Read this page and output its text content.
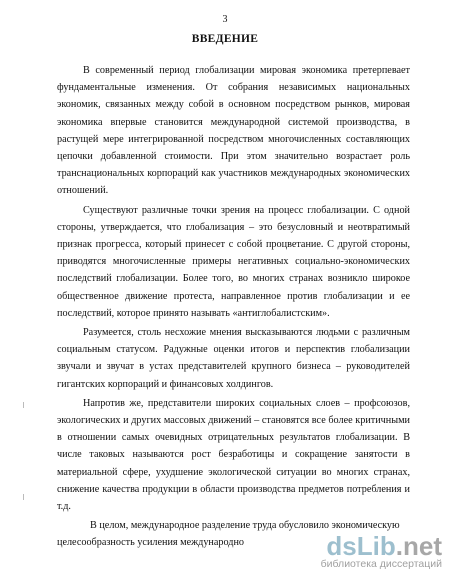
3
ВВЕДЕНИЕ

В современный период глобализации мировая экономика претерпевает фундаментальные изменения. От собрания независимых национальных экономик, связанных между собой в основном посредством рынков, мировая экономика впервые становится международной системой производства, в растущей мере интегрированной посредством многочисленных составляющих цепочки добавленной стоимости. При этом значительно возрастает роль транснациональных корпораций как участников международных экономических отношений.

Существуют различные точки зрения на процесс глобализации. С одной стороны, утверждается, что глобализация – это безусловный и неотвратимый признак прогресса, который принесет с собой процветание. С другой стороны, приводятся многочисленные примеры негативных социально-экономических последствий глобализации. Более того, во многих странах возникло широкое общественное движение протеста, направленное против глобализации и ее последствий, которое принято называть «антиглобалистским».

Разумеется, столь несхожие мнения высказываются людьми с различным социальным статусом. Радужные оценки итогов и перспектив глобализации звучали и звучат в устах представителей крупного бизнеса – руководителей гигантских корпораций и финансовых холдингов.

Напротив же, представители широких социальных слоев – профсоюзов, экологических и других массовых движений – становятся все более критичными в отношении самых очевидных отрицательных результатов глобализации. В числе таковых называются рост безработицы и сокращение занятости в материальной сфере, ухудшение экологической ситуации во многих странах, снижение качества продукции в области производства предметов потребления и т.д.

В целом, международное разделение труда обусловило экономическую
целесообразность усиления международно	dsLib.net
библиотека диссертаций
